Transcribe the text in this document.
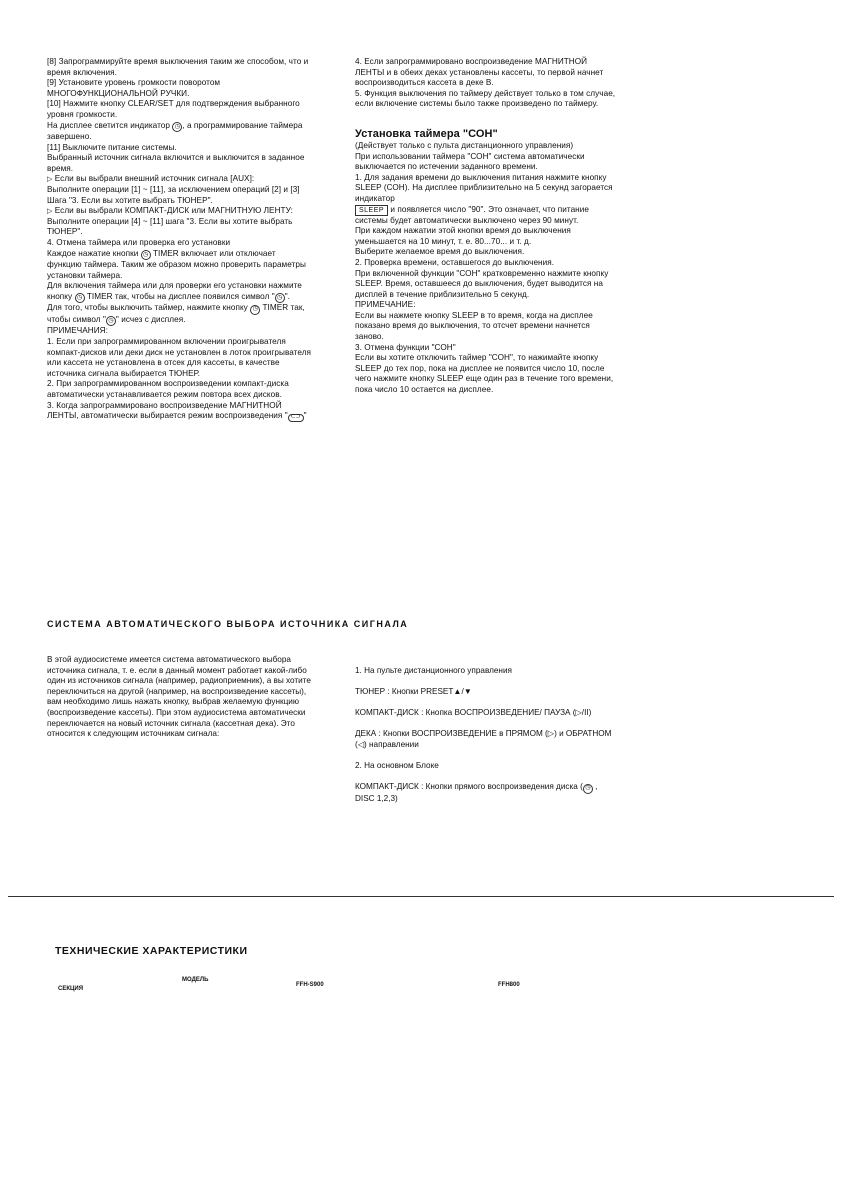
[8] Запрограммируйте время выключения таким же способом, что и время включения.

[9] Установите уровень громкости поворотом МНОГОФУНКЦИОНАЛЬНОЙ РУЧКИ.

[10] Нажмите кнопку CLEAR/SET для подтверждения выбранного уровня громкости.

На дисплее светится индикатор ◷ , а программирование таймера завершено.

[11] Выключите питание системы.

Выбранный источник сигнала включится и выключится в заданное время.

▷ Если вы выбрали внешний источник сигнала [AUX]:

Выполните операции [1] ~ [11], за исключением операций [2] и [3] Шага "3. Если вы хотите выбрать ТЮНЕР".

▷ Если вы выбрали КОМПАКТ-ДИСК или МАГНИТНУЮ ЛЕНТУ:

Выполните операции [4] ~ [11] шага "3. Если вы хотите выбрать ТЮНЕР".

4. Отмена таймера или проверка его установки

Каждое нажатие кнопки ◷ TIMER включает или отключает функцию таймера. Таким же образом можно проверить параметры установки таймера.

Для включения таймера или для проверки его установки нажмите кнопку ◷ TIMER так, чтобы на дисплее появился символ " ◷ ".

Для того, чтобы выключить таймер, нажмите кнопку ◷ TIMER так, чтобы символ " ◷ " исчез с дисплея.

ПРИМЕЧАНИЯ:

1. Если при запрограммированном включении проигрывателя компакт-дисков или деки диск не установлен в лоток проигрывателя или кассета не установлена в отсек для кассеты, в качестве источника сигнала выбирается ТЮНЕР.

2. При запрограммированном воспроизведении компакт-диска автоматически устанавливается режим повтора всех дисков.

3. Когда запрограммировано воспроизведение МАГНИТНОЙ ЛЕНТЫ, автоматически выбирается режим воспроизведения " ⊂⊃ "

4. Если запрограммировано воспроизведение МАГНИТНОЙ ЛЕНТЫ и в обеих деках установлены кассеты, то первой начнет воспроизводиться кассета в деке В.

5. Функция выключения по таймеру действует только в том случае, если включение системы было также произведено по таймеру.

Установка таймера "СОН"

(Действует только с пульта дистанционного управления)

При использовании таймера "СОН" система автоматически выключается по истечении заданного времени.

1. Для задания времени до выключения питания нажмите кнопку SLEEP (СОН). На дисплее приблизительно на 5 секунд загорается индикатор

SLEEP и появляется число "90". Это означает, что питание системы будет автоматически выключено через 90 минут.

При каждом нажатии этой кнопки время до выключения уменьшается на 10 минут, т. е. 80...70... и т. д.

Выберите желаемое время до выключения.

2. Проверка времени, оставшегося до выключения.

При включенной функции "СОН" кратковременно нажмите кнопку SLEEP. Время, оставшееся до выключения, будет выводится на дисплей в течение приблизительно 5 секунд.

ПРИМЕЧАНИЕ:

Если вы нажмете кнопку SLEEP в то время, когда на дисплее показано время до выключения, то отсчет времени начнется заново.

3. Отмена функции "СОН"

Если вы хотите отключить таймер "СОН", то нажимайте кнопку SLEEP до тех пор, пока на дисплее не появится число 10, после чего нажмите кнопку SLEEP еще один раз в течение того времени, пока число 10 остается на дисплее.

СИСТЕМА АВТОМАТИЧЕСКОГО ВЫБОРА ИСТОЧНИКА СИГНАЛА
В этой аудиосистеме имеется система автоматического выбора источника сигнала, т. е. если в данный момент работает какой-либо один из источников сигнала (например, радиоприемник), а вы хотите переключиться на другой (например, на воспроизведение кассеты), вам необходимо лишь нажать кнопку, выбрав желаемую функцию (воспроизведение кассеты). При этом аудиосистема автоматически переключается на новый источник сигнала (кассетная дека). Это относится к следующим источникам сигнала:

1. На пульте дистанционного управления

ТЮНЕР : Кнопки PRESET▲/▼

КОМПАКТ-ДИСК : Кнопка ВОСПРОИЗВЕДЕНИЕ/ ПАУЗА (▷/II)

ДЕКА : Кнопки ВОСПРОИЗВЕДЕНИЕ в ПРЯМОМ (▷) и ОБРАТНОМ (◁) направлении

2. На основном Блоке

КОМПАКТ-ДИСК : Кнопки прямого воспроизведения диска ( ◷ , DISC 1,2,3)

ТЕХНИЧЕСКИЕ ХАРАКТЕРИСТИКИ
МОДЕЛЬ
СЕКЦИЯ
FFH-S900	FFH800
